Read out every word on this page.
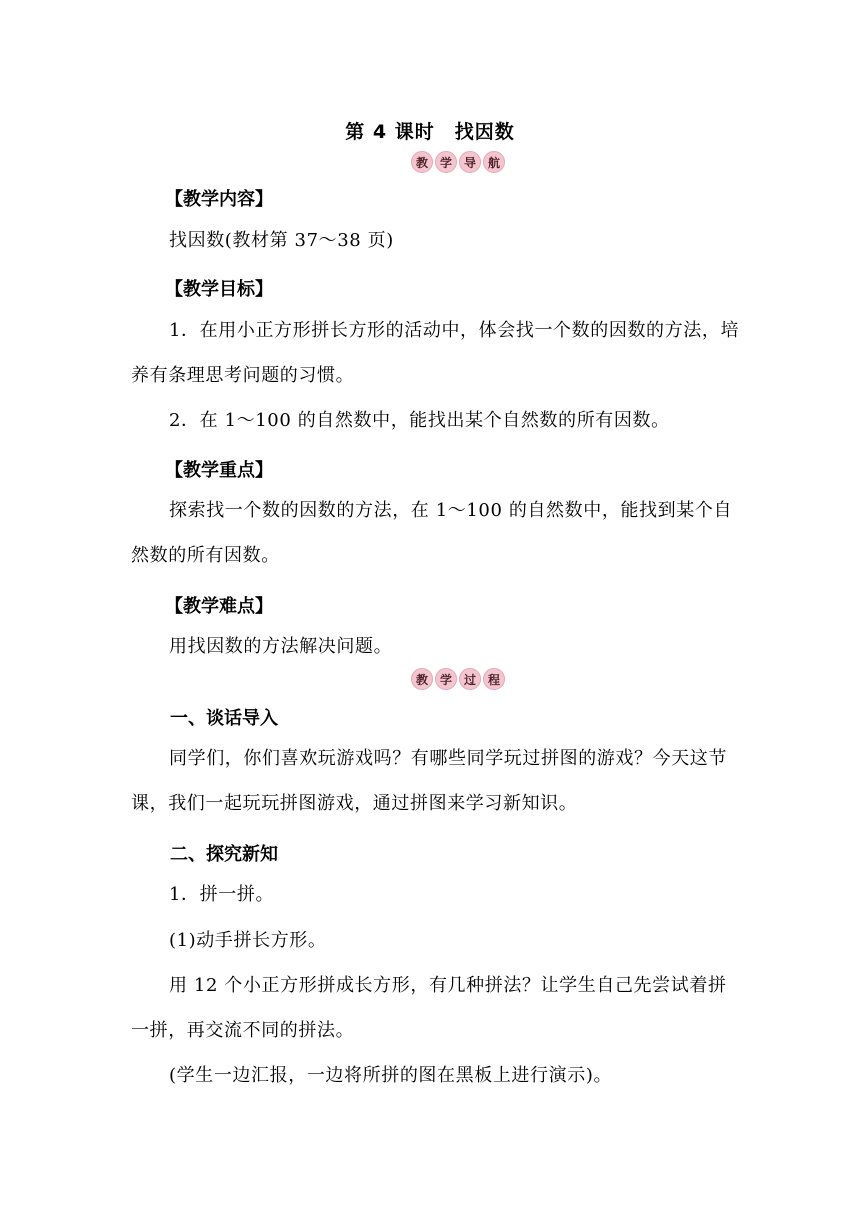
第 4 课时　找因数
教 学 导 航
【教学内容】
找因数(教材第 37～38 页)
【教学目标】
1．在用小正方形拼长方形的活动中，体会找一个数的因数的方法，培养有条理思考问题的习惯。
2．在 1～100 的自然数中，能找出某个自然数的所有因数。
【教学重点】
探索找一个数的因数的方法，在 1～100 的自然数中，能找到某个自然数的所有因数。
【教学难点】
用找因数的方法解决问题。
教 学 过 程
一、谈话导入
同学们，你们喜欢玩游戏吗？有哪些同学玩过拼图的游戏？今天这节课，我们一起玩玩拼图游戏，通过拼图来学习新知识。
二、探究新知
1．拼一拼。
(1)动手拼长方形。
用 12 个小正方形拼成长方形，有几种拼法？让学生自己先尝试着拼一拼，再交流不同的拼法。
(学生一边汇报，一边将所拼的图在黑板上进行演示)。
